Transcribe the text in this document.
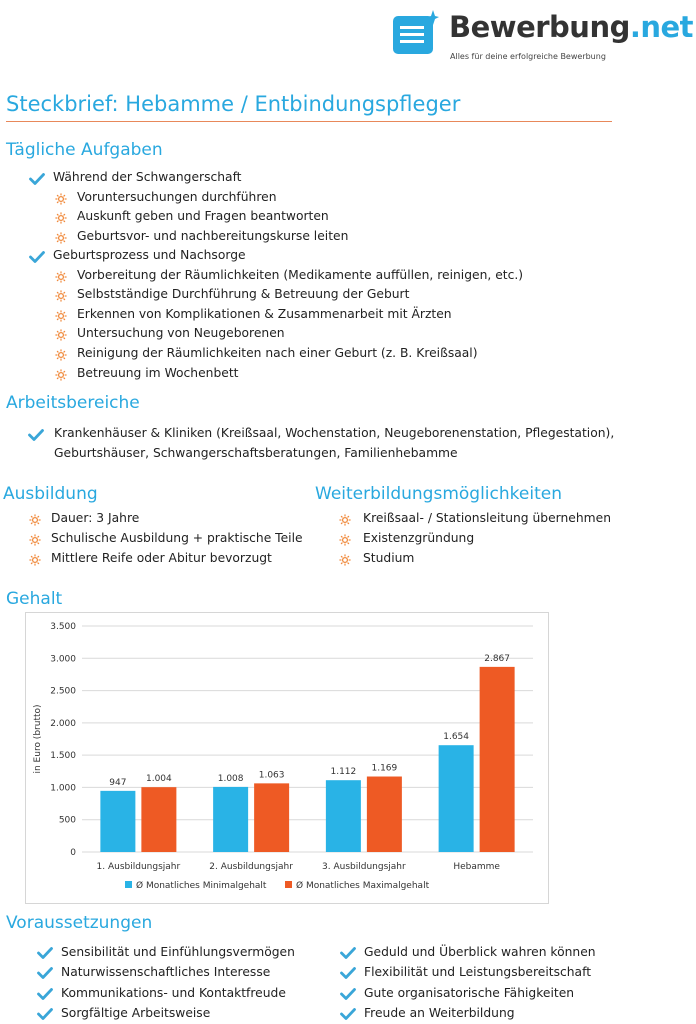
Bewerbung.net
Alles für deine erfolgreiche Bewerbung
Steckbrief: Hebamme / Entbindungspfleger
Tägliche Aufgaben
Während der Schwangerschaft
Voruntersuchungen durchführen
Auskunft geben und Fragen beantworten
Geburtsvor- und nachbereitungskurse leiten
Geburtsprozess und Nachsorge
Vorbereitung der Räumlichkeiten (Medikamente auffüllen, reinigen, etc.)
Selbstständige Durchführung & Betreuung der Geburt
Erkennen von Komplikationen & Zusammenarbeit mit Ärzten
Untersuchung von Neugeborenen
Reinigung der Räumlichkeiten nach einer Geburt (z. B. Kreißsaal)
Betreuung im Wochenbett
Arbeitsbereiche
Krankenhäuser & Kliniken (Kreißsaal, Wochenstation, Neugeborenenstation, Pflegestation),
Geburtshäuser, Schwangerschaftsberatungen, Familienhebamme
Ausbildung	Weiterbildungsmöglichkeiten
Dauer: 3 Jahre
Schulische Ausbildung + praktische Teile
Mittlere Reife oder Abitur bevorzugt
Kreißsaal- / Stationsleitung übernehmen
Existenzgründung
Studium
Gehalt
0
500
1.000
1.500
2.000
2.500
3.000
3.500
in Euro (brutto)
1. Ausbildungsjahr
947 1.004
2. Ausbildungsjahr
1.008 1.063
3. Ausbildungsjahr
1.112 1.169
Hebamme
1.654
2.867
Ø Monatliches Minimalgehalt	Ø Monatliches Maximalgehalt
Voraussetzungen
Sensibilität und Einfühlungsvermögen
Naturwissenschaftliches Interesse
Kommunikations- und Kontaktfreude
Sorgfältige Arbeitsweise
Geduld und Überblick wahren können
Flexibilität und Leistungsbereitschaft
Gute organisatorische Fähigkeiten
Freude an Weiterbildung
